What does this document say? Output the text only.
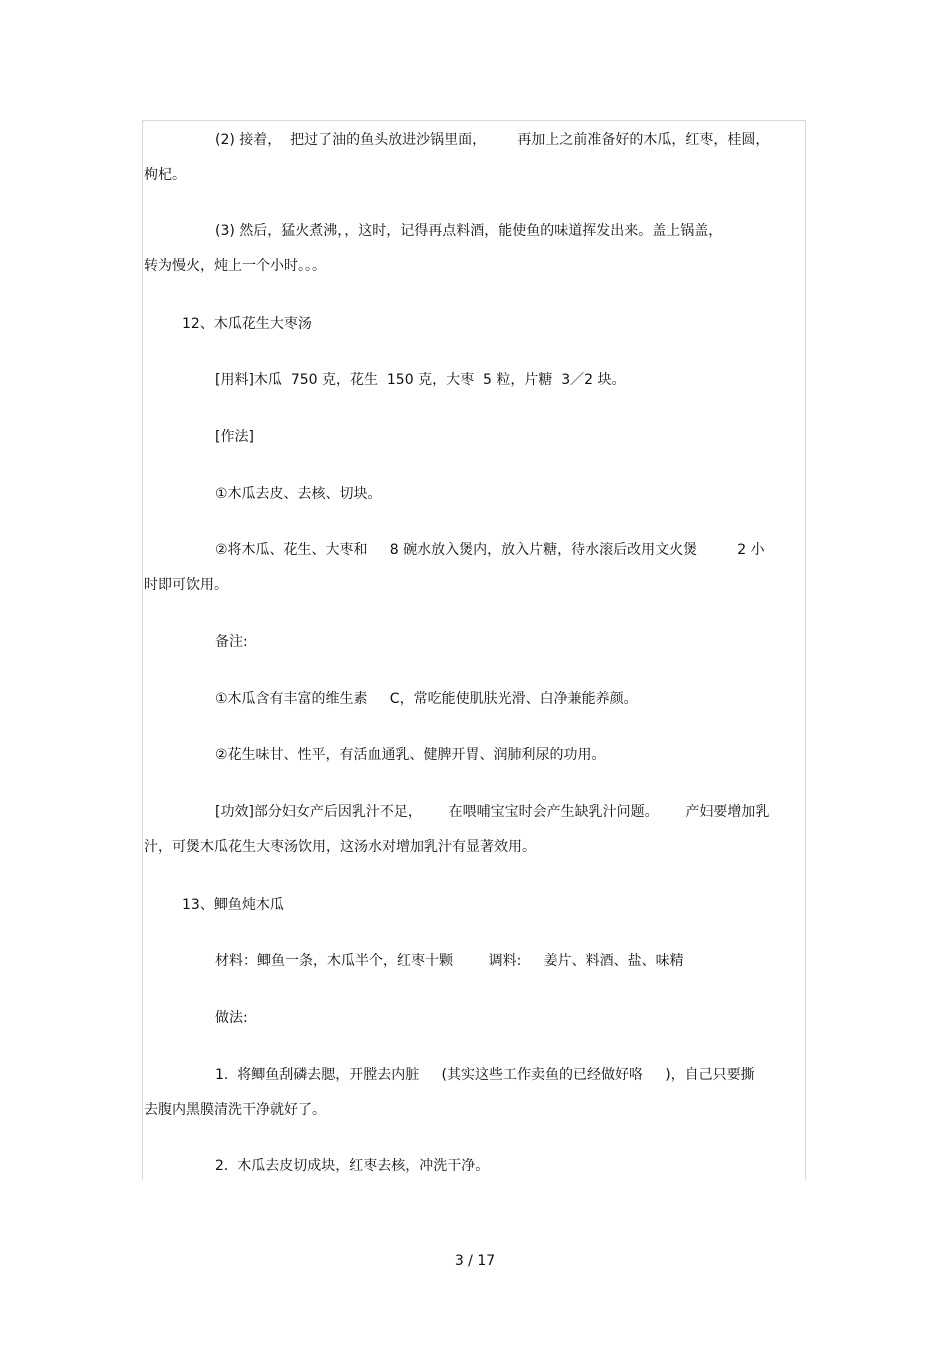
(2) 接着，  把过了油的鱼头放进沙锅里面，       再加上之前准备好的木瓜，红枣，桂圆，
枸杞。
(3) 然后，猛火煮沸，，这时，记得再点料酒，能使鱼的味道挥发出来。盖上锅盖，
转为慢火，炖上一个小时。。。
12、木瓜花生大枣汤
[用料]木瓜  750 克，花生  150 克，大枣  5 粒，片糖  3／2 块。
[作法]
①木瓜去皮、去核、切块。
②将木瓜、花生、大枣和     8 碗水放入煲内，放入片糖，待水滚后改用文火煲         2 小
时即可饮用。
备注:
①木瓜含有丰富的维生素     C，常吃能使肌肤光滑、白净兼能养颜。
②花生味甘、性平，有活血通乳、健脾开胃、润肺利尿的功用。
[功效]部分妇女产后因乳汁不足，      在喂哺宝宝时会产生缺乳汁问题。      产妇要增加乳
汁，可煲木瓜花生大枣汤饮用，这汤水对增加乳汁有显著效用。
13、鲫鱼炖木瓜
材料：鲫鱼一条，木瓜半个，红枣十颗        调料:     姜片、料酒、盐、味精
做法:
1.  将鲫鱼刮磷去腮，开膛去内脏     (其实这些工作卖鱼的已经做好咯     )，自己只要撕
去腹内黑膜清洗干净就好了。
2.  木瓜去皮切成块，红枣去核，冲洗干净。
3 / 17
